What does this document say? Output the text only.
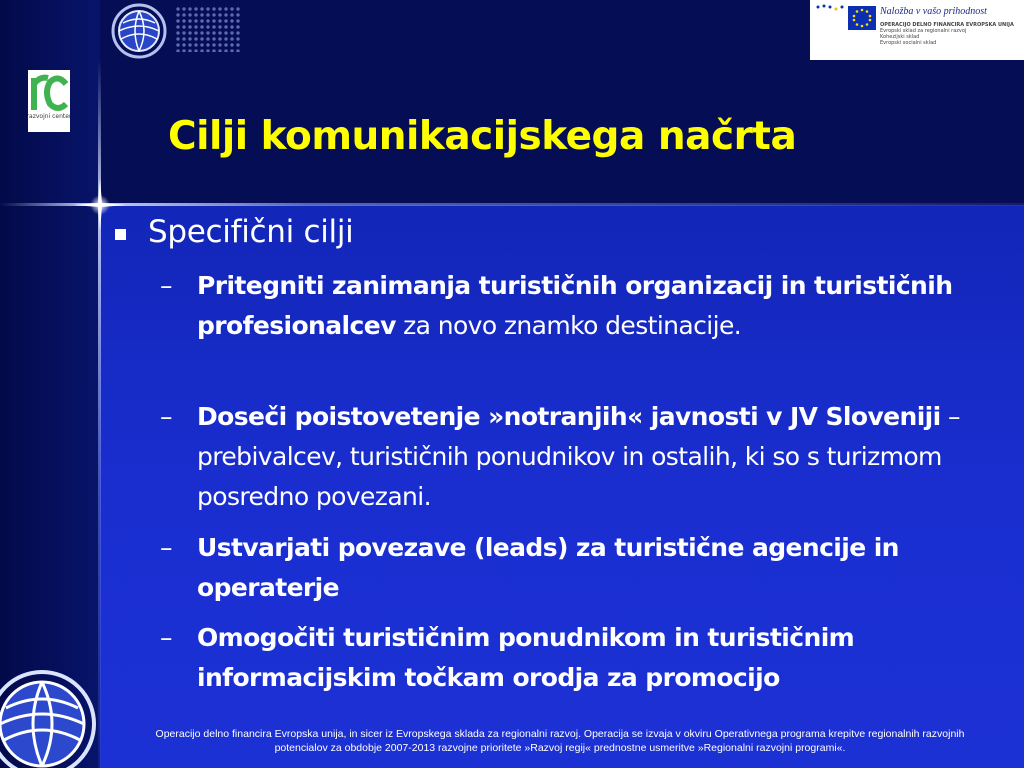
razvojni center
Naložba v vašo prihodnost
OPERACIJO DELNO FINANCIRA EVROPSKA UNIJA
Evropski sklad za regionalni razvoj
Kohezijski sklad
Evropski socialni sklad
Cilji komunikacijskega načrta
Specifični cilji

– Pritegniti zanimanja turističnih organizacij in turističnih profesionalcev za novo znamko destinacije.

– Doseči poistovetenje »notranjih« javnosti v JV Sloveniji – prebivalcev, turističnih ponudnikov in ostalih, ki so s turizmom posredno povezani.

– Ustvarjati povezave (leads) za turistične agencije in operaterje

– Omogočiti turističnim ponudnikom in turističnim informacijskim točkam orodja za promocijo

Operacijo delno financira Evropska unija, in sicer iz Evropskega sklada za regionalni razvoj. Operacija se izvaja v okviru Operativnega programa krepitve regionalnih razvojnih potencialov za obdobje 2007-2013 razvojne prioritete »Razvoj regij« prednostne usmeritve »Regionalni razvojni programi«.
